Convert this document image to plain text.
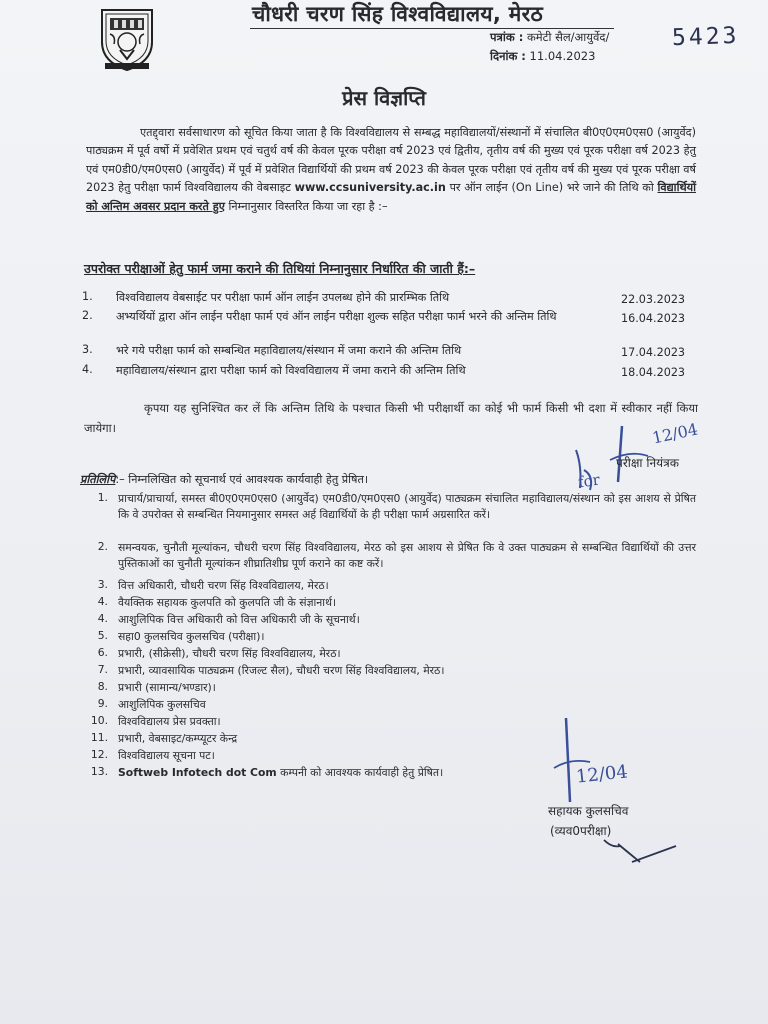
चौधरी चरण सिंह विश्वविद्यालय, मेरठ
पत्रांक : कमेटी सैल/आयुर्वेद/	5423
दिनांक : 11.04.2023
प्रेस विज्ञप्ति
एतद्द्वारा सर्वसाधारण को सूचित किया जाता है कि विश्वविद्यालय से सम्बद्ध महाविद्यालयों/संस्थानों में संचालित बी0ए0एम0एस0 (आयुर्वेद) पाठ्यक्रम में पूर्व वर्षो में प्रवेशित प्रथम एवं चतुर्थ वर्ष की केवल पूरक परीक्षा वर्ष 2023 एवं द्वितीय, तृतीय वर्ष की मुख्य एवं पूरक परीक्षा वर्ष 2023 हेतु एवं एम0डी0/एम0एस0 (आयुर्वेद) में पूर्व में प्रवेशित विद्यार्थियों की प्रथम वर्ष 2023 की केवल पूरक परीक्षा एवं तृतीय वर्ष की मुख्य एवं पूरक परीक्षा वर्ष 2023 हेतु परीक्षा फार्म विश्वविद्यालय की वेबसाइट www.ccsuniversity.ac.in पर ऑन लाईन (On Line) भरे जाने की तिथि को विद्यार्थियों को अन्तिम अवसर प्रदान करते हुए निम्नानुसार विस्तरित किया जा रहा है :–
उपरोक्त परीक्षाओं हेतु फार्म जमा कराने की तिथियां निम्नानुसार निर्धारित की जाती हैं:–
1. विश्वविद्यालय वेबसाईट पर परीक्षा फार्म ऑन लाईन उपलब्ध होने की प्रारम्भिक तिथि	22.03.2023
2. अभ्यर्थियों द्वारा ऑन लाईन परीक्षा फार्म एवं ऑन लाईन परीक्षा शुल्क सहित परीक्षा फार्म भरने की अन्तिम तिथि	16.04.2023
3. भरे गये परीक्षा फार्म को सम्बन्धित महाविद्यालय/संस्थान में जमा कराने की अन्तिम तिथि	17.04.2023
4. महाविद्यालय/संस्थान द्वारा परीक्षा फार्म को विश्वविद्यालय में जमा कराने की अन्तिम तिथि	18.04.2023
कृपया यह सुनिश्चित कर लें कि अन्तिम तिथि के पश्चात किसी भी परीक्षार्थी का कोई भी फार्म किसी भी दशा में स्वीकार नहीं किया जायेगा।	12/04
for
परीक्षा नियंत्रक
प्रतिलिपि:– निम्नलिखित को सूचनार्थ एवं आवश्यक कार्यवाही हेतु प्रेषित।
1. प्राचार्य/प्राचार्या, समस्त बी0ए0एम0एस0 (आयुर्वेद) एम0डी0/एम0एस0 (आयुर्वेद) पाठ्यक्रम संचालित महाविद्यालय/संस्थान को इस आशय से प्रेषित कि वे उपरोक्त से सम्बन्धित नियमानुसार समस्त अर्ह विद्यार्थियों के ही परीक्षा फार्म अग्रसारित करें।
2. समन्वयक, चुनौती मूल्यांकन, चौधरी चरण सिंह विश्वविद्यालय, मेरठ को इस आशय से प्रेषित कि वे उक्त पाठ्यक्रम से सम्बन्धित विद्यार्थियों की उत्तर पुस्तिकाओं का चुनौती मूल्यांकन शीघ्रातिशीघ्र पूर्ण कराने का कष्ट करें।
3. वित्त अधिकारी, चौधरी चरण सिंह विश्वविद्यालय, मेरठ।
4. वैयक्तिक सहायक कुलपति को कुलपति जी के संज्ञानार्थ।
4. आशुलिपिक वित्त अधिकारी को वित्त अधिकारी जी के सूचनार्थ।
5. सहा0 कुलसचिव कुलसचिव (परीक्षा)।
6. प्रभारी, (सीक्रेसी), चौधरी चरण सिंह विश्वविद्यालय, मेरठ।
7. प्रभारी, व्यावसायिक पाठ्यक्रम (रिजल्ट सैल), चौधरी चरण सिंह विश्वविद्यालय, मेरठ।
8. प्रभारी (सामान्य/भण्डार)।
9. आशुलिपिक कुलसचिव
10. विश्वविद्यालय प्रेस प्रवक्ता।
11. प्रभारी, वेबसाइट/कम्प्यूटर केन्द्र
12. विश्वविद्यालय सूचना पट।
13. Softweb Infotech dot Com कम्पनी को आवश्यक कार्यवाही हेतु प्रेषित।	12/04
सहायक कुलसचिव
(व्यव0परीक्षा)
